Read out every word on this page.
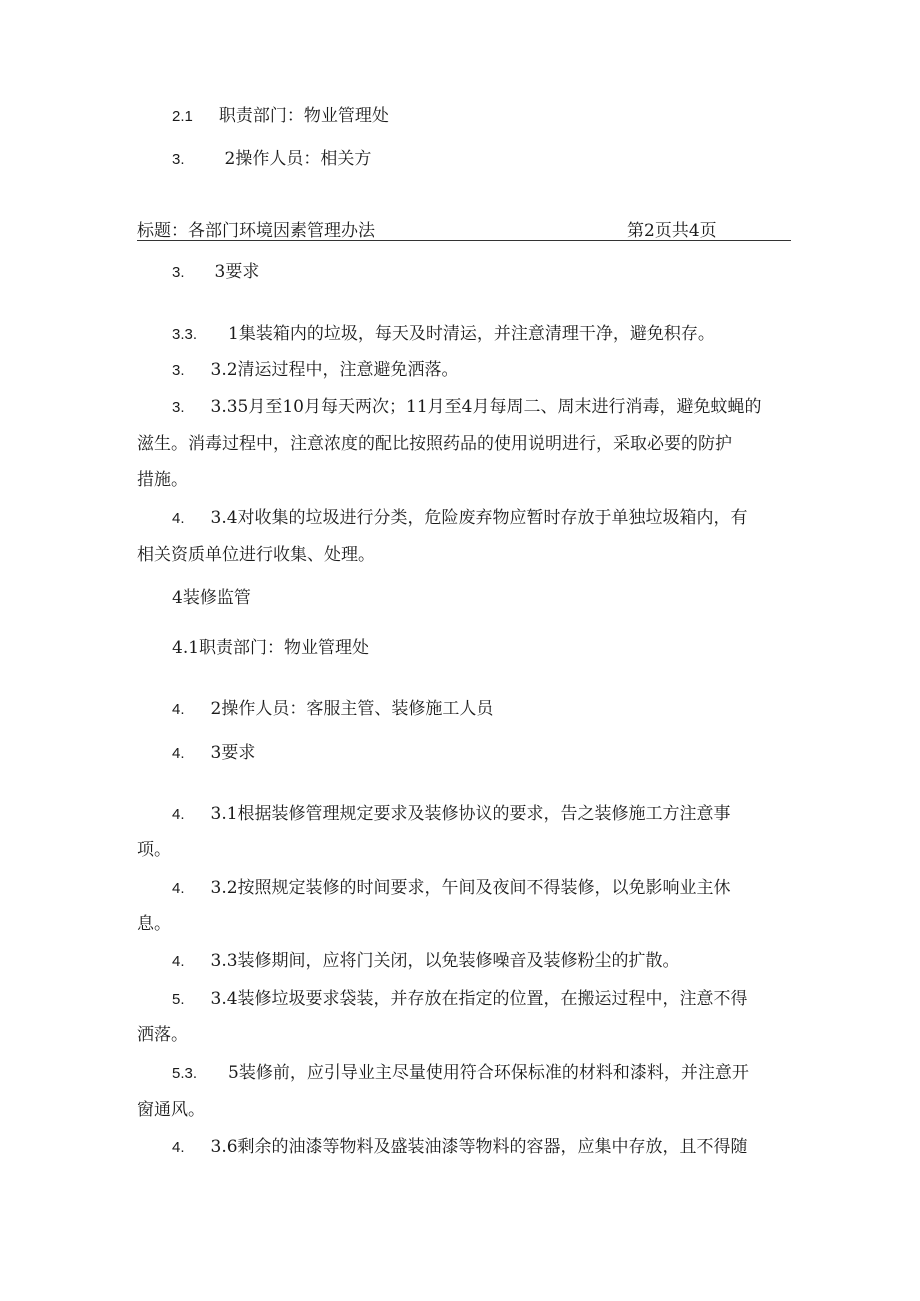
2.1 职责部门：物业管理处
3. 2操作人员：相关方
标题：各部门环境因素管理办法	第2页共4页
3. 3要求
3.3. 1集装箱内的垃圾，每天及时清运，并注意清理干净，避免积存。
3. 3.2清运过程中，注意避免洒落。
3. 3.35月至10月每天两次；11月至4月每周二、周末进行消毒，避免蚊蝇的
滋生。消毒过程中，注意浓度的配比按照药品的使用说明进行，采取必要的防护
措施。
4. 3.4对收集的垃圾进行分类，危险废弃物应暂时存放于单独垃圾箱内，有
相关资质单位进行收集、处理。
4装修监管
4.1职责部门：物业管理处
4. 2操作人员：客服主管、装修施工人员
4. 3要求
4. 3.1根据装修管理规定要求及装修协议的要求，告之装修施工方注意事
项。
4. 3.2按照规定装修的时间要求，午间及夜间不得装修，以免影响业主休
息。
4. 3.3装修期间，应将门关闭，以免装修噪音及装修粉尘的扩散。
5. 3.4装修垃圾要求袋装，并存放在指定的位置，在搬运过程中，注意不得
洒落。
5.3. 5装修前，应引导业主尽量使用符合环保标准的材料和漆料，并注意开
窗通风。
4. 3.6剩余的油漆等物料及盛装油漆等物料的容器，应集中存放，且不得随
